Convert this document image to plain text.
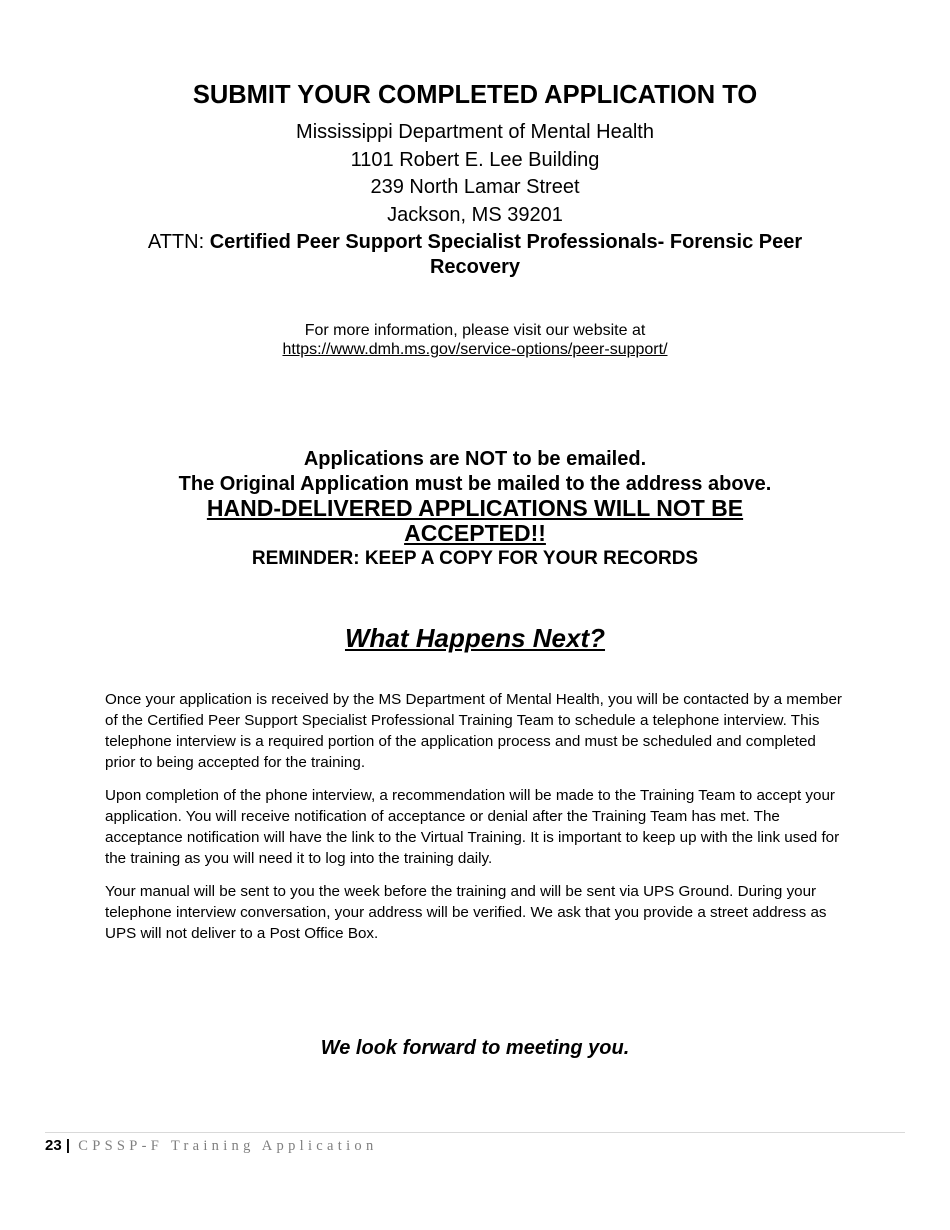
SUBMIT YOUR COMPLETED APPLICATION TO
Mississippi Department of Mental Health
1101 Robert E. Lee Building
239 North Lamar Street
Jackson, MS 39201
ATTN: Certified Peer Support Specialist Professionals- Forensic Peer Recovery
For more information, please visit our website at
https://www.dmh.ms.gov/service-options/peer-support/
Applications are NOT to be emailed.
The Original Application must be mailed to the address above.
HAND-DELIVERED APPLICATIONS WILL NOT BE ACCEPTED!!
REMINDER: KEEP A COPY FOR YOUR RECORDS
What Happens Next?

Once your application is received by the MS Department of Mental Health, you will be contacted by a member of the Certified Peer Support Specialist Professional Training Team to schedule a telephone interview. This telephone interview is a required portion of the application process and must be scheduled and completed prior to being accepted for the training.

Upon completion of the phone interview, a recommendation will be made to the Training Team to accept your application. You will receive notification of acceptance or denial after the Training Team has met. The acceptance notification will have the link to the Virtual Training. It is important to keep up with the link used for the training as you will need it to log into the training daily.

Your manual will be sent to you the week before the training and will be sent via UPS Ground. During your telephone interview conversation, your address will be verified. We ask that you provide a street address as UPS will not deliver to a Post Office Box.

We look forward to meeting you.
23 | CPSSP-F Training Application
